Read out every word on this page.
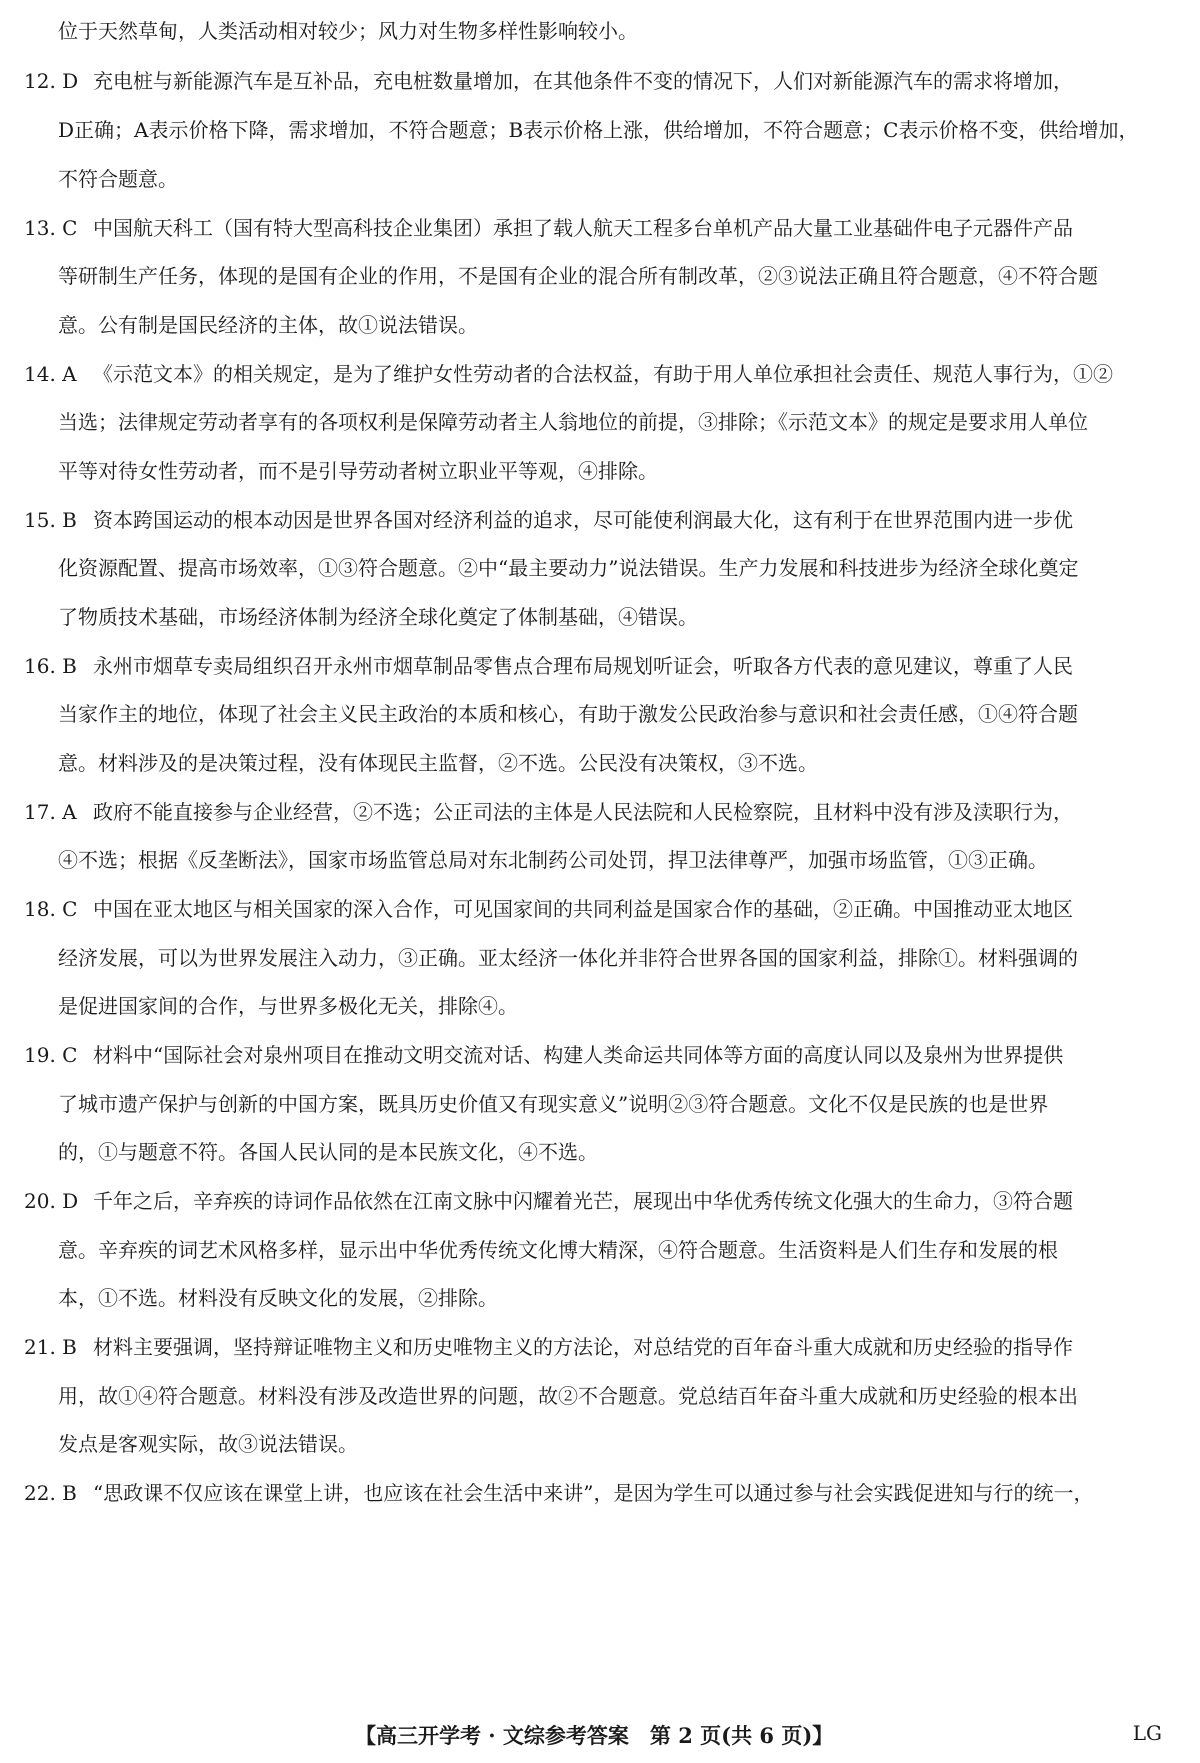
位于天然草甸，人类活动相对较少；风力对生物多样性影响较小。
12. D 充电桩与新能源汽车是互补品，充电桩数量增加，在其他条件不变的情况下，人们对新能源汽车的需求将增加，
D正确；A表示价格下降，需求增加，不符合题意；B表示价格上涨，供给增加，不符合题意；C表示价格不变，供给增加，
不符合题意。
13. C 中国航天科工（国有特大型高科技企业集团）承担了载人航天工程多台单机产品大量工业基础件电子元器件产品
等研制生产任务，体现的是国有企业的作用，不是国有企业的混合所有制改革，②③说法正确且符合题意，④不符合题
意。公有制是国民经济的主体，故①说法错误。
14. A 《示范文本》的相关规定，是为了维护女性劳动者的合法权益，有助于用人单位承担社会责任、规范人事行为，①②
当选；法律规定劳动者享有的各项权利是保障劳动者主人翁地位的前提，③排除；《示范文本》的规定是要求用人单位
平等对待女性劳动者，而不是引导劳动者树立职业平等观，④排除。
15. B 资本跨国运动的根本动因是世界各国对经济利益的追求，尽可能使利润最大化，这有利于在世界范围内进一步优
化资源配置、提高市场效率，①③符合题意。②中“最主要动力”说法错误。生产力发展和科技进步为经济全球化奠定
了物质技术基础，市场经济体制为经济全球化奠定了体制基础，④错误。
16. B 永州市烟草专卖局组织召开永州市烟草制品零售点合理布局规划听证会，听取各方代表的意见建议，尊重了人民
当家作主的地位，体现了社会主义民主政治的本质和核心，有助于激发公民政治参与意识和社会责任感，①④符合题
意。材料涉及的是决策过程，没有体现民主监督，②不选。公民没有决策权，③不选。
17. A 政府不能直接参与企业经营，②不选；公正司法的主体是人民法院和人民检察院，且材料中没有涉及渎职行为，
④不选；根据《反垄断法》，国家市场监管总局对东北制药公司处罚，捍卫法律尊严，加强市场监管，①③正确。
18. C 中国在亚太地区与相关国家的深入合作，可见国家间的共同利益是国家合作的基础，②正确。中国推动亚太地区
经济发展，可以为世界发展注入动力，③正确。亚太经济一体化并非符合世界各国的国家利益，排除①。材料强调的
是促进国家间的合作，与世界多极化无关，排除④。
19. C 材料中“国际社会对泉州项目在推动文明交流对话、构建人类命运共同体等方面的高度认同以及泉州为世界提供
了城市遗产保护与创新的中国方案，既具历史价值又有现实意义”说明②③符合题意。文化不仅是民族的也是世界
的，①与题意不符。各国人民认同的是本民族文化，④不选。
20. D 千年之后，辛弃疾的诗词作品依然在江南文脉中闪耀着光芒，展现出中华优秀传统文化强大的生命力，③符合题
意。辛弃疾的词艺术风格多样，显示出中华优秀传统文化博大精深，④符合题意。生活资料是人们生存和发展的根
本，①不选。材料没有反映文化的发展，②排除。
21. B 材料主要强调，坚持辩证唯物主义和历史唯物主义的方法论，对总结党的百年奋斗重大成就和历史经验的指导作
用，故①④符合题意。材料没有涉及改造世界的问题，故②不合题意。党总结百年奋斗重大成就和历史经验的根本出
发点是客观实际，故③说法错误。
22. B “思政课不仅应该在课堂上讲，也应该在社会生活中来讲”，是因为学生可以通过参与社会实践促进知与行的统一，
【高三开学考 · 文综参考答案　第 2 页(共 6 页)】	LG
